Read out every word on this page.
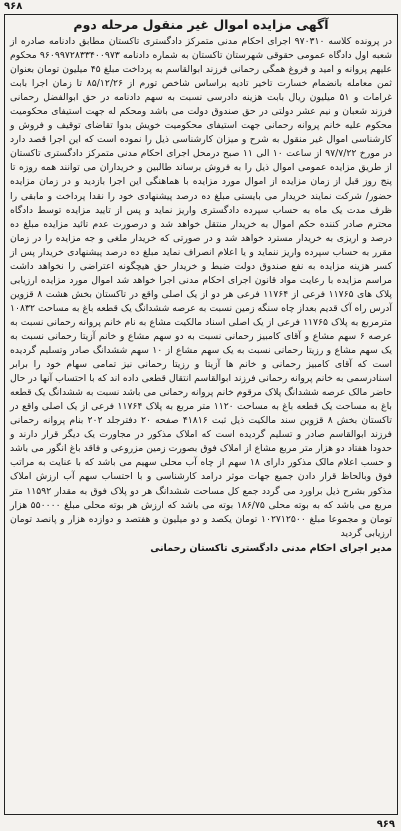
۹۶۸
آگهی مزایده اموال غیر منقول مرحله دوم

در پرونده کلاسه ۹۷۰۳۱۰ اجرای احکام مدنی متمرکز دادگستری تاکستان مطابق دادنامه صادره از شعبه اول دادگاه عمومی حقوقی شهرستان تاکستان به شماره دادنامه ۹۶۰۹۹۷۲۸۳۳۴۰۰۹۷۳ محکوم علیهم پروانه و امید و فروغ همگی رحمانی فرزند ابوالقاسم به پرداخت مبلغ ۴۵ میلیون تومان بعنوان ثمن معامله بانضمام خسارت تاخیر تادیه براساس شاخص تورم از ۸۵/۱۲/۲۶ تا زمان اجرا بابت غرامات و ۵۱ میلیون ریال بابت هزینه دادرسی نسبت به سهم دادنامه در حق ابوالفضل رحمانی فرزند شعبان و نیم عشر دولتی در حق صندوق دولت می باشد ومحکم له جهت استیفای محکومیت محکوم علیه خانم پروانه رحمانی جهت استیفای محکومیت خویش بدوا تقاضای توقیف و فروش و کارشناسی اموال غیر منقول به شرح و میزان کارشناسی ذیل را نموده است که این اجرا قصد دارد در مورخ ۹۷/۷/۲۲ از ساعت ۱۰ الی ۱۱ صبح درمحل اجرای احکام مدنی متمرکز دادگستری تاکستان از طریق مزایده عمومی اموال ذیل را به فروش برساند طالبین و خریداران می توانند همه روزه تا پنج روز قبل از زمان مزایده از اموال مورد مزایده با هماهنگی این اجرا بازدید و در زمان مزایده حضور/ شرکت نمایند خریدار می بایستی مبلغ ده درصد پیشنهادی خود را نقدا پرداخت و مابقی را ظرف مدت یک ماه به حساب سپرده دادگستری واریز نماید و پس از تایید مزایده توسط دادگاه محترم صادر کننده حکم اموال به خریدار منتقل خواهد شد و درصورت عدم تائید مزایده مبلغ ده درصد و اریزی به خریدار مسترد خواهد شد و در صورتی که خریدار ملغی و جه مزایده را در زمان مقرر به حساب سپرده واریز ننماید و یا اعلام انصراف نماید مبلغ ده درصد پیشنهادی خریدار پس از کسر هزینه مزایده به نفع صندوق دولت ضبط و خریدار حق هیچگونه اعتراضی را نخواهد داشت مراسم مزایده با رعایت مواد قانون اجرای احکام مدنی اجرا خواهد شد اموال مورد مزایده ارزیابی پلاک های ۱۱۷۶۵ فرعی از ۱۱۷۶۴ فرعی هر دو از یک اصلی واقع در تاکستان بخش هشت ۸ قزوین آدرس راه آک قدیم بعداز چاه سنگه زمین نسبت به عرصه ششدانگ یک قطعه باغ به مساحت ۱۰۸۳۲ مترمربع به پلاک ۱۱۷۶۵ فرعی از یک اصلی اسناد مالکیت مشاع به نام خانم پروانه رحمانی نسبت به عرصه ۶ سهم مشاع و آقای کامبیز رحمانی نسبت به دو سهم مشاع و خانم آزیتا رحمانی نسبت به یک سهم مشاع و رزیتا رحمانی نسبت به یک سهم مشاع از ۱۰ سهم ششدانگ صادر وتسلیم گردیده است که آقای کامبیز رحمانی و خانم ها آزیتا و رزیتا رحمانی نیز تمامی سهام خود را برابر اسنادرسمی به خانم پروانه رحمانی فرزند ابوالقاسم انتقال قطعی داده اند که با احتساب آنها در حال حاضر مالک عرصه ششدانگ پلاک مرقوم خانم پروانه رحمانی می باشد نسبت به ششدانگ یک قطعه باغ به مساحت یک قطعه باغ به مساحت ۱۱۲۰ متر مربع به پلاک ۱۱۷۶۴ فرعی از یک اصلی واقع در تاکستان بخش ۸ قزوین سند مالکیت ذیل ثبت ۴۱۸۱۶ صفحه ۲۰ دفترجلد ۲۰۲ بنام پروانه رحمانی فرزند ابوالقاسم صادر و تسلیم گردیده است که املاک مذکور در مجاورت یک دیگر قرار دارند و حدودا هفتاد دو هزار متر مربع مشاع از املاک فوق بصورت زمین مزروعی و فاقد باغ انگور می باشد و حسب اعلام مالک مذکور دارای ۱۸ سهم از چاه آب محلی سهیم می باشد که با عنایت به مراتب فوق وبالحاظ قرار دادن جمیع جهات موثر درامد کارشناسی و با احتساب سهم آب ارزش املاک مذکور بشرح ذیل براورد می گردد جمع کل مساحت ششدانگ هر دو پلاک فوق به مقدار ۱۱۵۹۲ متر مربع می باشد که به بوته محلی ۱۸۶/۷۵ بوته می باشد که ارزش هر بوته محلی مبلغ ۵۵۰۰۰۰ هزار تومان و مجموعا مبلغ ۱۰۲۷۱۲۵۰۰ تومان یکصد و دو میلیون و هفتصد و دوازده هزار و پانصد تومان ارزیابی گردید

مدیر اجرای احکام مدنی دادگستری تاکستان رحمانی
۹۶۹
